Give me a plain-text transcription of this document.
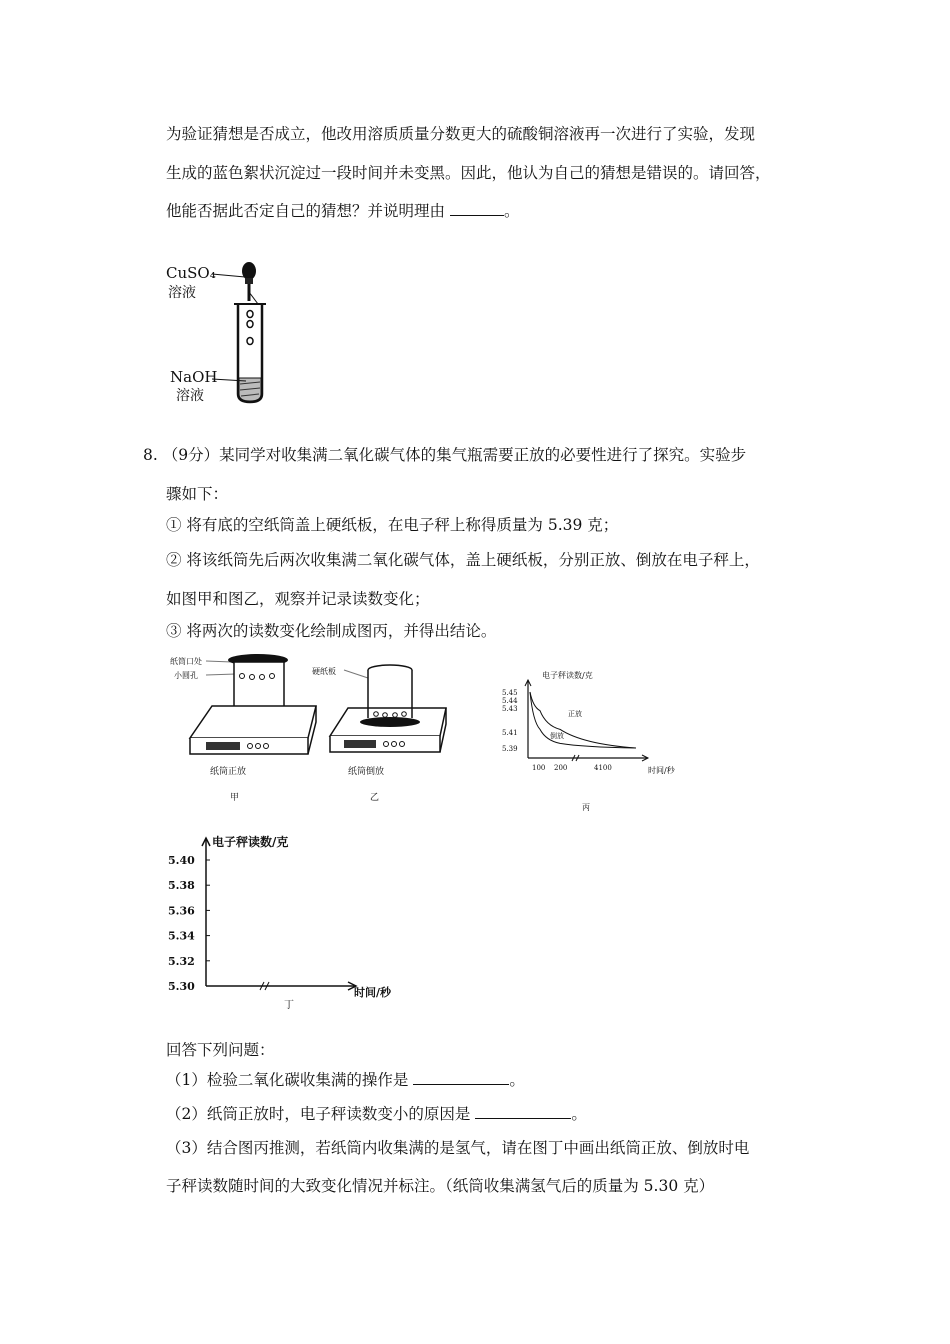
为验证猜想是否成立，他改用溶质质量分数更大的硫酸铜溶液再一次进行了实验，发现
生成的蓝色絮状沉淀过一段时间并未变黑。因此，他认为自己的猜想是错误的。请回答，
他能否据此否定自己的猜想？并说明理由	。
CuSO₄
溶液
NaOH
溶液
8. （9分）某同学对收集满二氧化碳气体的集气瓶需要正放的必要性进行了探究。实验步
骤如下：
① 将有底的空纸筒盖上硬纸板，在电子秤上称得质量为 5.39 克；
② 将该纸筒先后两次收集满二氧化碳气体，盖上硬纸板，分别正放、倒放在电子秤上，
如图甲和图乙，观察并记录读数变化；
③ 将两次的读数变化绘制成图丙，并得出结论。
纸筒口处
小圆孔
纸筒正放
甲
硬纸板
纸筒倒放
乙
电子秤读数/克
时间/秒
丙
5.45
5.44
5.43
5.41
5.39
100 200	4100
正放
倒放
电子秤读数/克
时间/秒
丁
5.40
5.38
5.36
5.34
5.32
5.30
回答下列问题：
（1）检验二氧化碳收集满的操作是	。
（2）纸筒正放时，电子秤读数变小的原因是	。
（3）结合图丙推测，若纸筒内收集满的是氢气，请在图丁中画出纸筒正放、倒放时电
子秤读数随时间的大致变化情况并标注。（纸筒收集满氢气后的质量为 5.30 克）
